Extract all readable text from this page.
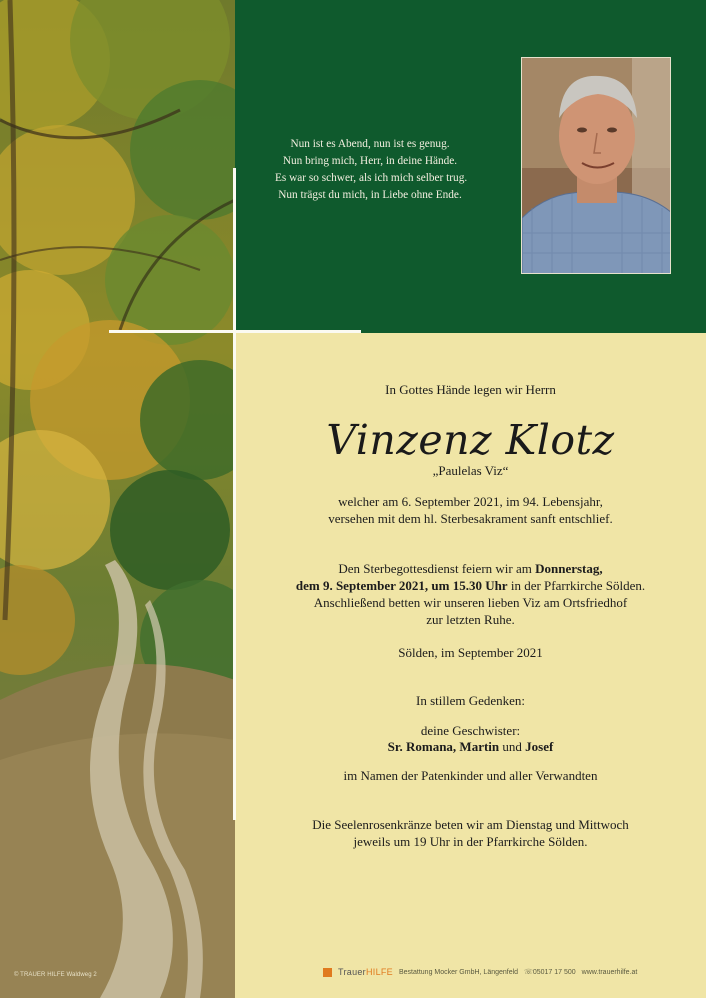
© TRAUER HILFE Waldweg 2
Nun ist es Abend, nun ist es genug.
Nun bring mich, Herr, in deine Hände.
Es war so schwer, als ich mich selber trug.
Nun trägst du mich, in Liebe ohne Ende.
In Gottes Hände legen wir Herrn
Vinzenz Klotz
„Paulelas Viz“
welcher am 6. September 2021, im 94. Lebensjahr,
versehen mit dem hl. Sterbesakrament sanft entschlief.
Den Sterbegottesdienst feiern wir am Donnerstag,
dem 9. September 2021, um 15.30 Uhr in der Pfarrkirche Sölden.
Anschließend betten wir unseren lieben Viz am Ortsfriedhof
zur letzten Ruhe.
Sölden, im September 2021
In stillem Gedenken:
deine Geschwister:
Sr. Romana, Martin und Josef
im Namen der Patenkinder und aller Verwandten
Die Seelenrosenkränze beten wir am Dienstag und Mittwoch
jeweils um 19 Uhr in der Pfarrkirche Sölden.
TrauerHILFE Bestattung Mocker GmbH, Längenfeld ☏05017 17 500 www.trauerhilfe.at
